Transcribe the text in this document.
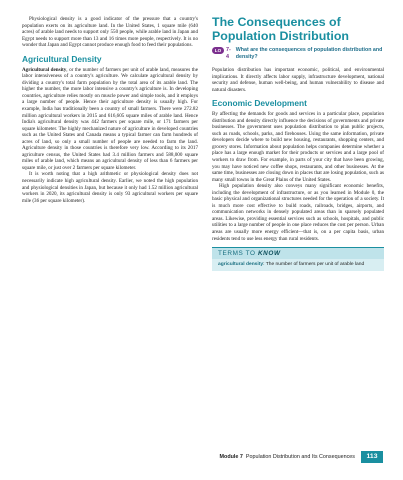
Physiological density is a good indicator of the pressure that a country's population exerts on its agriculture land. In the United States, 1 square mile (640 acres) of arable land needs to support only 550 people, while arable land in Japan and Egypt needs to support more than 13 and 16 times more people, respectively. It is no wonder that Japan and Egypt cannot produce enough food to feed their populations.

Agricultural Density

Agricultural density, or the number of farmers per unit of arable land, measures the labor intensiveness of a country's agriculture. We calculate agricultural density by dividing a country's total farm population by the total area of its arable land. The higher the number, the more labor intensive a country's agriculture is. In developing countries, agriculture relies mostly on muscle power and simple tools, and it employs a large number of people. Hence their agriculture density is usually high. For example, India has traditionally been a country of small farmers. There were 272.82 million agricultural workers in 2015 and 616,605 square miles of arable land. Hence India's agricultural density was 442 farmers per square mile, or 171 farmers per square kilometer. The highly mechanized nature of agriculture in developed countries such as the United States and Canada means a typical farmer can farm hundreds of acres of land, so only a small number of people are needed to farm the land. Agriculture density in those countries is therefore very low. According to its 2017 agriculture census, the United States had 3.4 million farmers and 588,000 square miles of arable land, which means an agricultural density of less than 6 farmers per square mile, or just over 2 farmers per square kilometer.

It is worth noting that a high arithmetic or physiological density does not necessarily indicate high agricultural density. Earlier, we noted the high population and physiological densities in Japan, but because it only had 1.52 million agricultural workers in 2020, its agricultural density is only 93 agricultural workers per square mile (36 per square kilometer).

The Consequences of Population Distribution
LO 7-4
What are the consequences of population distribution and density?

Population distribution has important economic, political, and environmental implications. It directly affects labor supply, infrastructure development, national security and defense, human well-being, and human vulnerability to disease and natural disasters.

Economic Development

By affecting the demands for goods and services in a particular place, population distribution and density directly influence the decisions of governments and private businesses. The government uses population distribution to plan public projects, such as roads, schools, parks, and firehouses. Using the same information, private developers decide where to build new housing, restaurants, shopping centers, and grocery stores. Information about population helps companies determine whether a place has a large enough market for their products or services and a large pool of workers to draw from. For example, in parts of your city that have been growing, you may have noticed new coffee shops, restaurants, and other businesses. At the same time, businesses are closing down in places that are losing population, such as many small towns in the Great Plains of the United States.

High population density also conveys many significant economic benefits, including the development of infrastructure, or as you learned in Module 0, the basic physical and organizational structures needed for the operation of a society. It is much more cost effective to build roads, railroads, bridges, airports, and communication networks in densely populated areas than in sparsely populated areas. Likewise, providing essential services such as schools, hospitals, and public utilities to a large number of people in one place reduces the cost per person. Urban areas are usually more energy efficient—that is, on a per capita basis, urban residents tend to use less energy than rural residents.

TERMS TO KNOW
agricultural density: The number of farmers per unit of arable land
Module 7 Population Distribution and Its Consequences	113
